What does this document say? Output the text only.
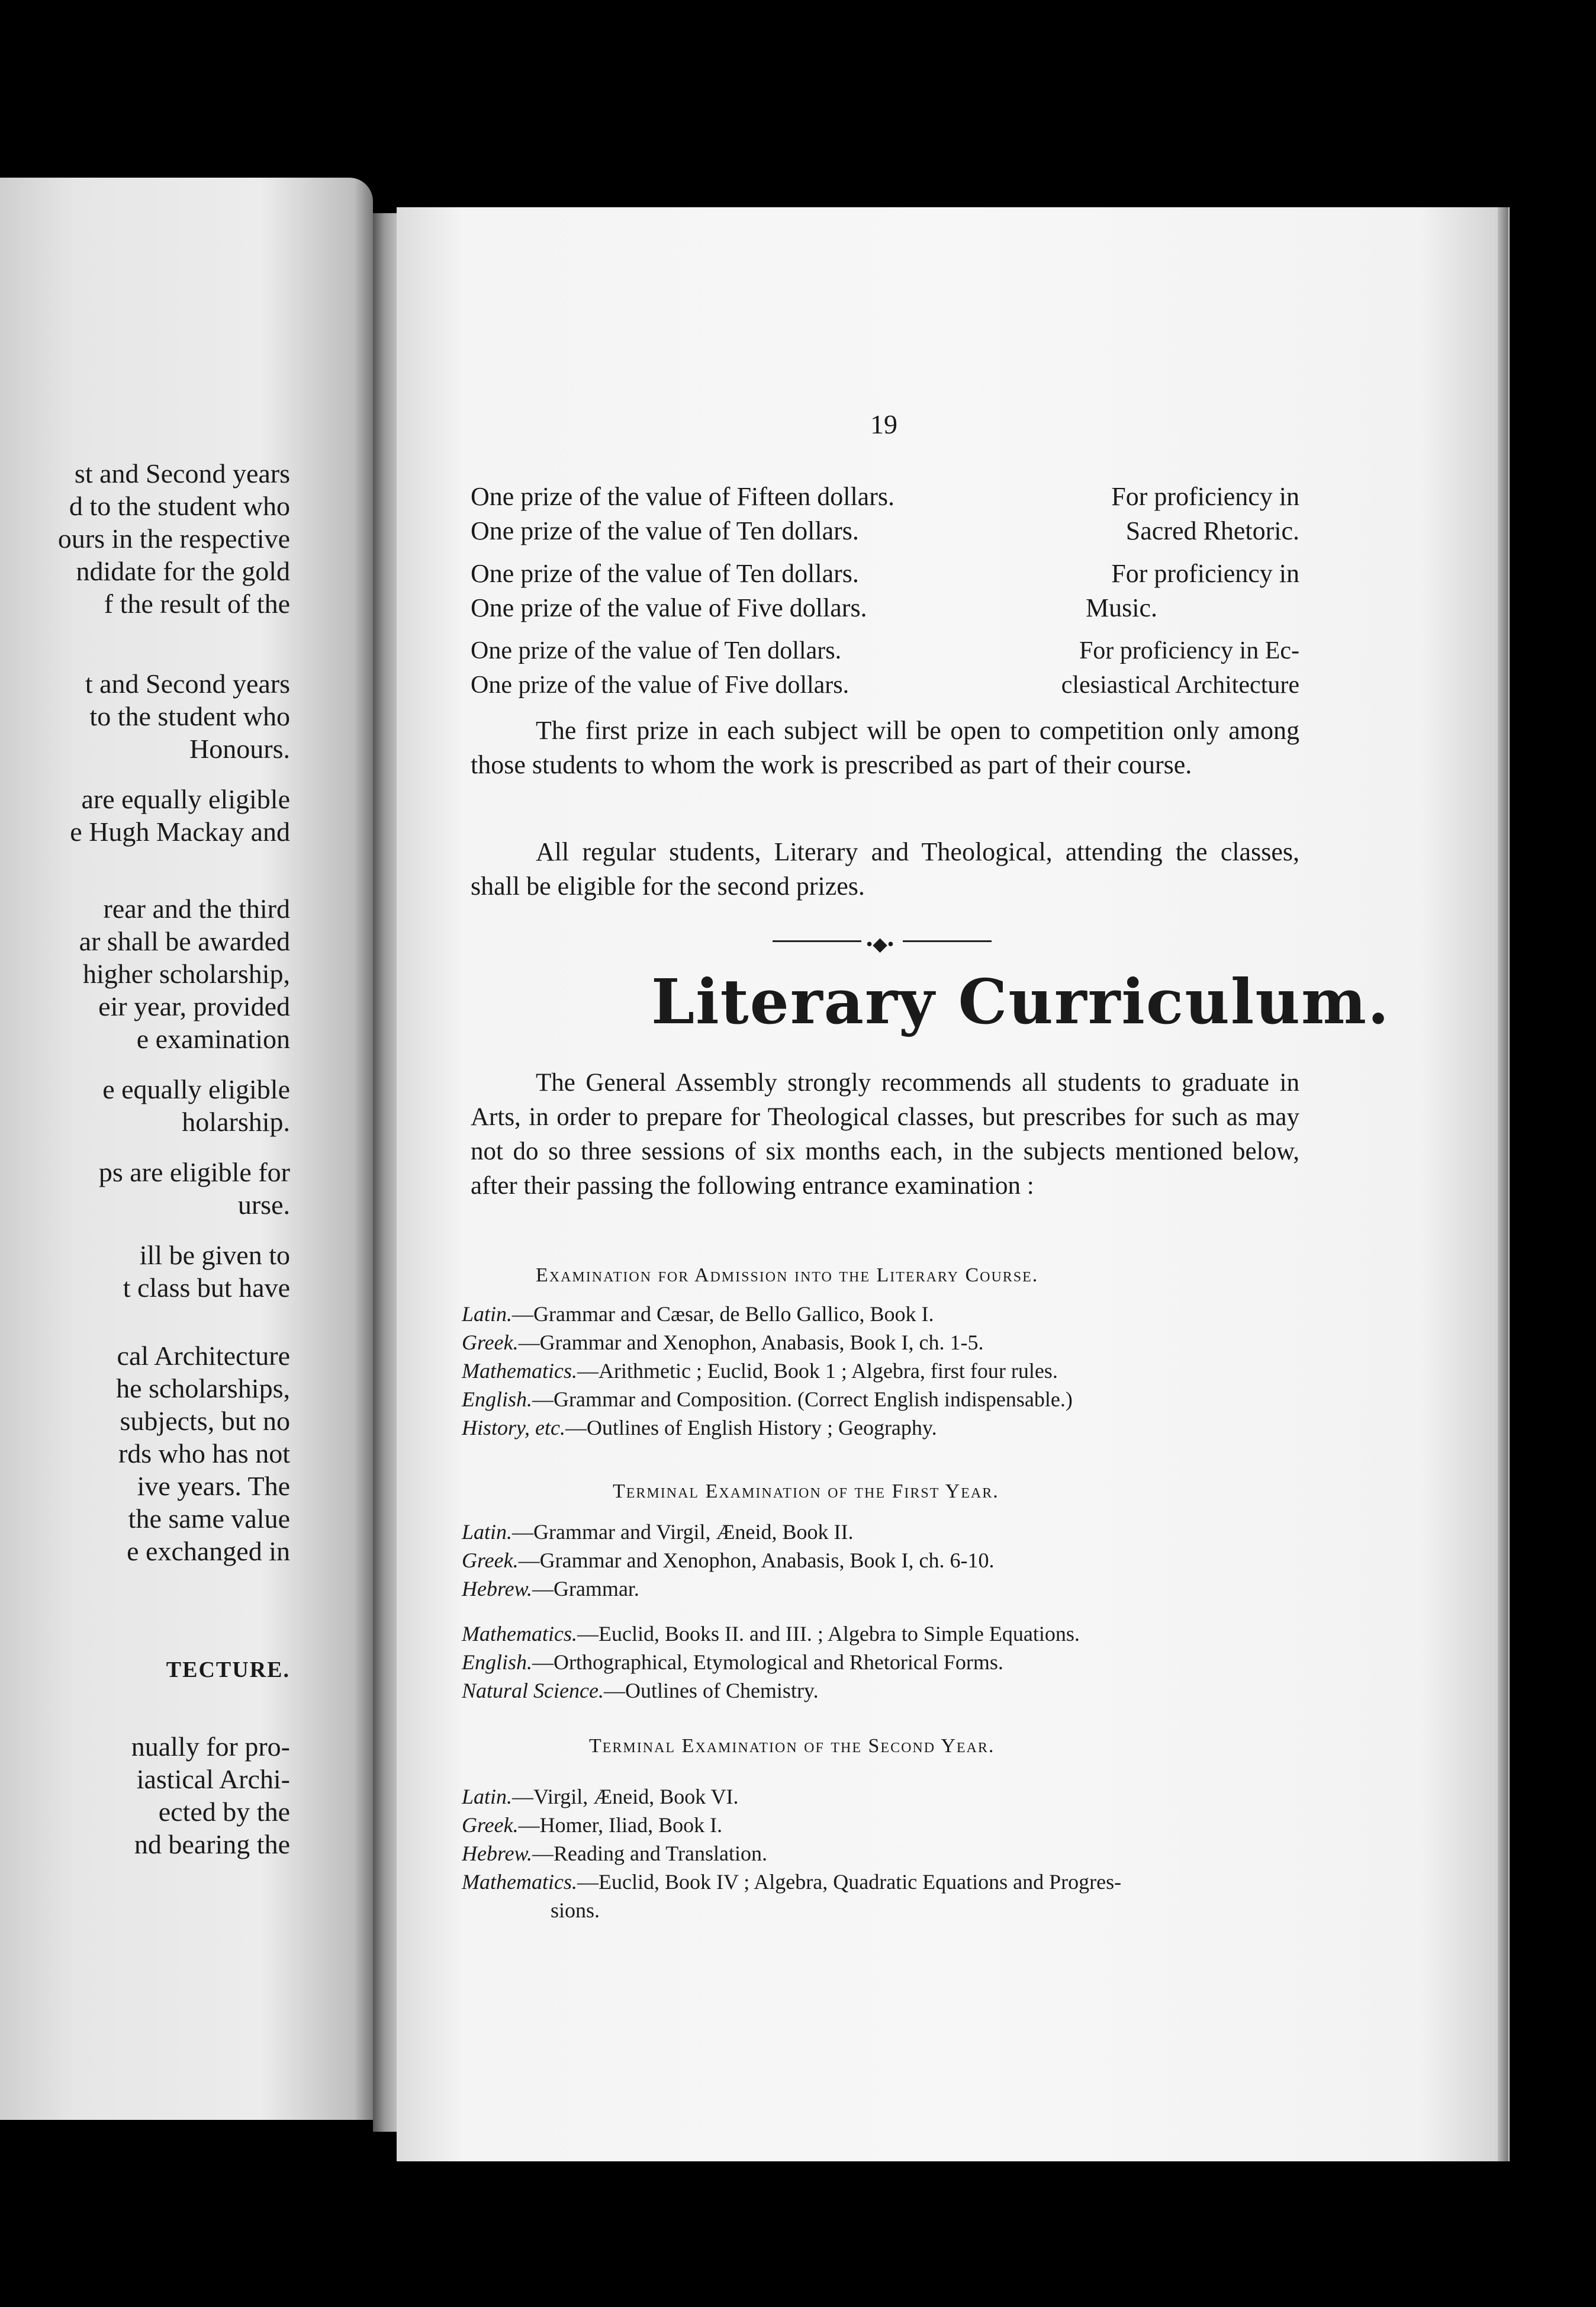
st and Second years
d to the student who
ours in the respective
ndidate for the gold
f the result of the
t and Second years
to the student who
Honours.
are equally eligible
e Hugh Mackay and
rear and the third
ar shall be awarded
higher scholarship,
eir year, provided
e examination
e equally eligible
holarship.
ps are eligible for
urse.
ill be given to
t class but have
cal Architecture
he scholarships,
subjects, but no
rds who has not
ive years. The
the same value
e exchanged in
TECTURE.
nually for pro-
iastical Archi-
ected by the
nd bearing the
19
One prize of the value of Fifteen dollars.	For proficiency in
One prize of the value of Ten dollars.	Sacred Rhetoric.
One prize of the value of Ten dollars.	For proficiency in
One prize of the value of Five dollars.	Music.
One prize of the value of Ten dollars.	For proficiency in Ec-
One prize of the value of Five dollars.	clesiastical Architecture
The first prize in each subject will be open to competition only among those students to whom the work is prescribed as part of their course.
All regular students, Literary and Theological, attending the classes, shall be eligible for the second prizes.
•◆•
Literary Curriculum.
The General Assembly strongly recommends all students to graduate in Arts, in order to prepare for Theological classes, but prescribes for such as may not do so three sessions of six months each, in the subjects mentioned below, after their passing the following entrance examination :
Examination for Admission into the Literary Course.
Latin.—Grammar and Cæsar, de Bello Gallico, Book I.
Greek.—Grammar and Xenophon, Anabasis, Book I, ch. 1-5.
Mathematics.—Arithmetic ; Euclid, Book 1 ; Algebra, first four rules.
English.—Grammar and Composition. (Correct English indispensable.)
History, etc.—Outlines of English History ; Geography.
Terminal Examination of the First Year.
Latin.—Grammar and Virgil, Æneid, Book II.
Greek.—Grammar and Xenophon, Anabasis, Book I, ch. 6-10.
Hebrew.—Grammar.
Mathematics.—Euclid, Books II. and III. ; Algebra to Simple Equations.
English.—Orthographical, Etymological and Rhetorical Forms.
Natural Science.—Outlines of Chemistry.
Terminal Examination of the Second Year.
Latin.—Virgil, Æneid, Book VI.
Greek.—Homer, Iliad, Book I.
Hebrew.—Reading and Translation.
Mathematics.—Euclid, Book IV ; Algebra, Quadratic Equations and Progres-
sions.
